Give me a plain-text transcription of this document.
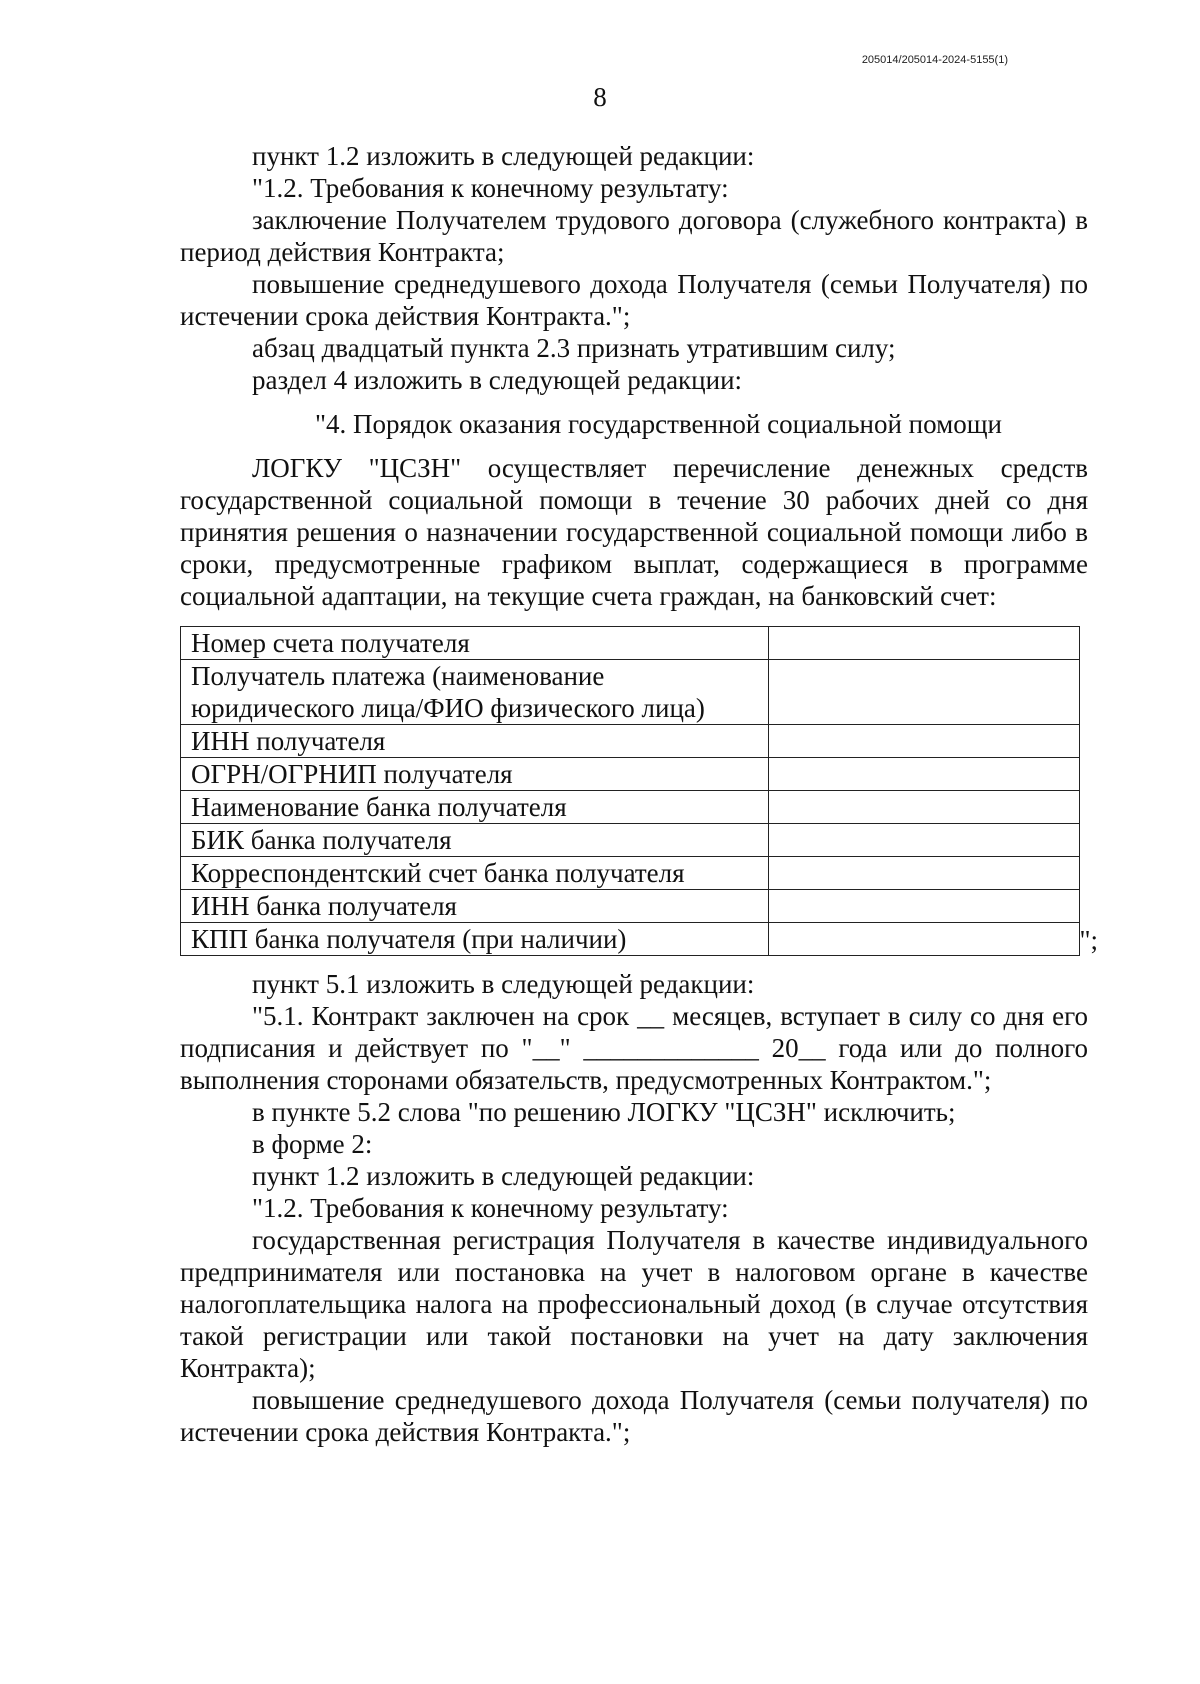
205014/205014-2024-5155(1)
8

пункт 1.2 изложить в следующей редакции:

"1.2. Требования к конечному результату:

заключение Получателем трудового договора (служебного контракта) в период действия Контракта;

повышение среднедушевого дохода Получателя (семьи Получателя) по истечении срока действия Контракта.";

абзац двадцатый пункта 2.3 признать утратившим силу;

раздел 4 изложить в следующей редакции:

"4. Порядок оказания государственной социальной помощи

ЛОГКУ "ЦСЗН" осуществляет перечисление денежных средств государственной социальной помощи в течение 30 рабочих дней со дня принятия решения о назначении государственной социальной помощи либо в сроки, предусмотренные графиком выплат, содержащиеся в программе социальной адаптации, на текущие счета граждан, на банковский счет:

Номер счета получателя	
Получатель платежа (наименование юридического лица/ФИО физического лица)	
ИНН получателя	
ОГРН/ОГРНИП получателя	
Наименование банка получателя	
БИК банка получателя	
Корреспондентский счет банка получателя	
ИНН банка получателя	
КПП банка получателя (при наличии)		";

пункт 5.1 изложить в следующей редакции:

"5.1. Контракт заключен на срок __ месяцев, вступает в силу со дня его подписания и действует по "__" _____________ 20__ года или до полного выполнения сторонами обязательств, предусмотренных Контрактом.";

в пункте 5.2 слова "по решению ЛОГКУ "ЦСЗН" исключить;

в форме 2:

пункт 1.2 изложить в следующей редакции:

"1.2. Требования к конечному результату:

государственная регистрация Получателя в качестве индивидуального предпринимателя или постановка на учет в налоговом органе в качестве налогоплательщика налога на профессиональный доход (в случае отсутствия такой регистрации или такой постановки на учет на дату заключения Контракта);

повышение среднедушевого дохода Получателя (семьи получателя) по истечении срока действия Контракта.";
